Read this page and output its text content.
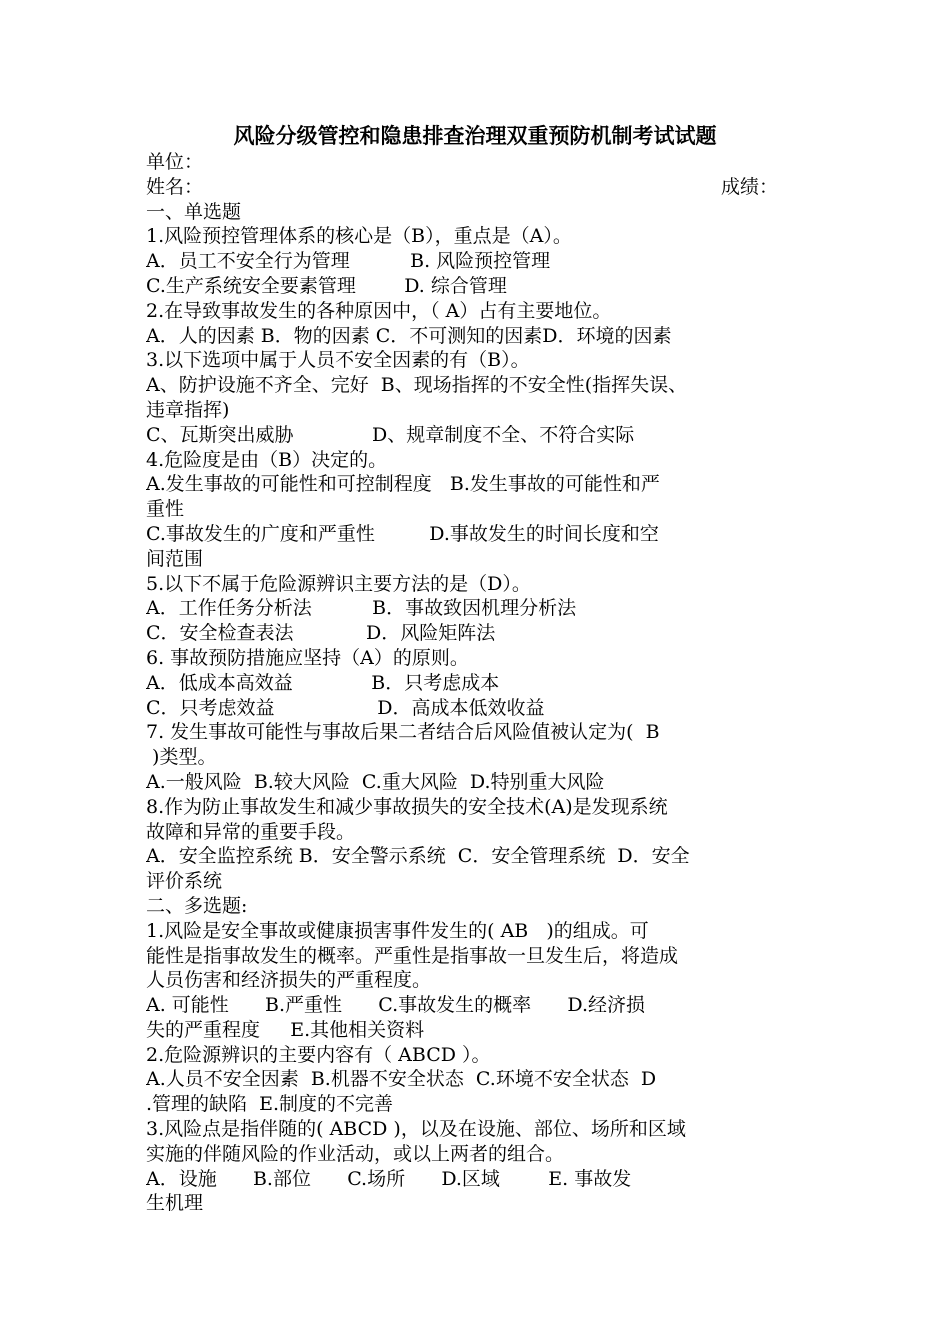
风险分级管控和隐患排查治理双重预防机制考试试题
单位：
姓名：	成绩：
一、单选题
1.风险预控管理体系的核心是（B），重点是（A）。
A．员工不安全行为管理          B. 风险预控管理
C.生产系统安全要素管理        D. 综合管理
2.在导致事故发生的各种原因中，（ A）占有主要地位。
A．人的因素 B．物的因素 C．不可测知的因素D．环境的因素
3.以下选项中属于人员不安全因素的有（B）。
A、防护设施不齐全、完好  B、现场指挥的不安全性(指挥失误、
违章指挥)
C、瓦斯突出威胁             D、规章制度不全、不符合实际
4.危险度是由（B）决定的。
A.发生事故的可能性和可控制程度   B.发生事故的可能性和严
重性
C.事故发生的广度和严重性         D.事故发生的时间长度和空
间范围
5.以下不属于危险源辨识主要方法的是（D）。
A．工作任务分析法          B．事故致因机理分析法
C．安全检查表法            D．风险矩阵法
6. 事故预防措施应坚持（A）的原则。
A．低成本高效益             B．只考虑成本
C．只考虑效益                 D．高成本低效收益
7. 发生事故可能性与事故后果二者结合后风险值被认定为(  B
)类型。
A.一般风险  B.较大风险  C.重大风险  D.特别重大风险
8.作为防止事故发生和减少事故损失的安全技术(A)是发现系统
故障和异常的重要手段。
A．安全监控系统 B．安全警示系统  C．安全管理系统  D．安全
评价系统
二、多选题:
1.风险是安全事故或健康损害事件发生的( AB   )的组成。可
能性是指事故发生的概率。严重性是指事故一旦发生后，将造成
人员伤害和经济损失的严重程度。
A. 可能性      B.严重性      C.事故发生的概率      D.经济损
失的严重程度     E.其他相关资料
2.危险源辨识的主要内容有（ ABCD ）。
A.人员不安全因素  B.机器不安全状态  C.环境不安全状态  D
.管理的缺陷  E.制度的不完善
3.风险点是指伴随的( ABCD )，以及在设施、部位、场所和区域
实施的伴随风险的作业活动，或以上两者的组合。
A．设施      B.部位      C.场所      D.区域        E. 事故发
生机理
